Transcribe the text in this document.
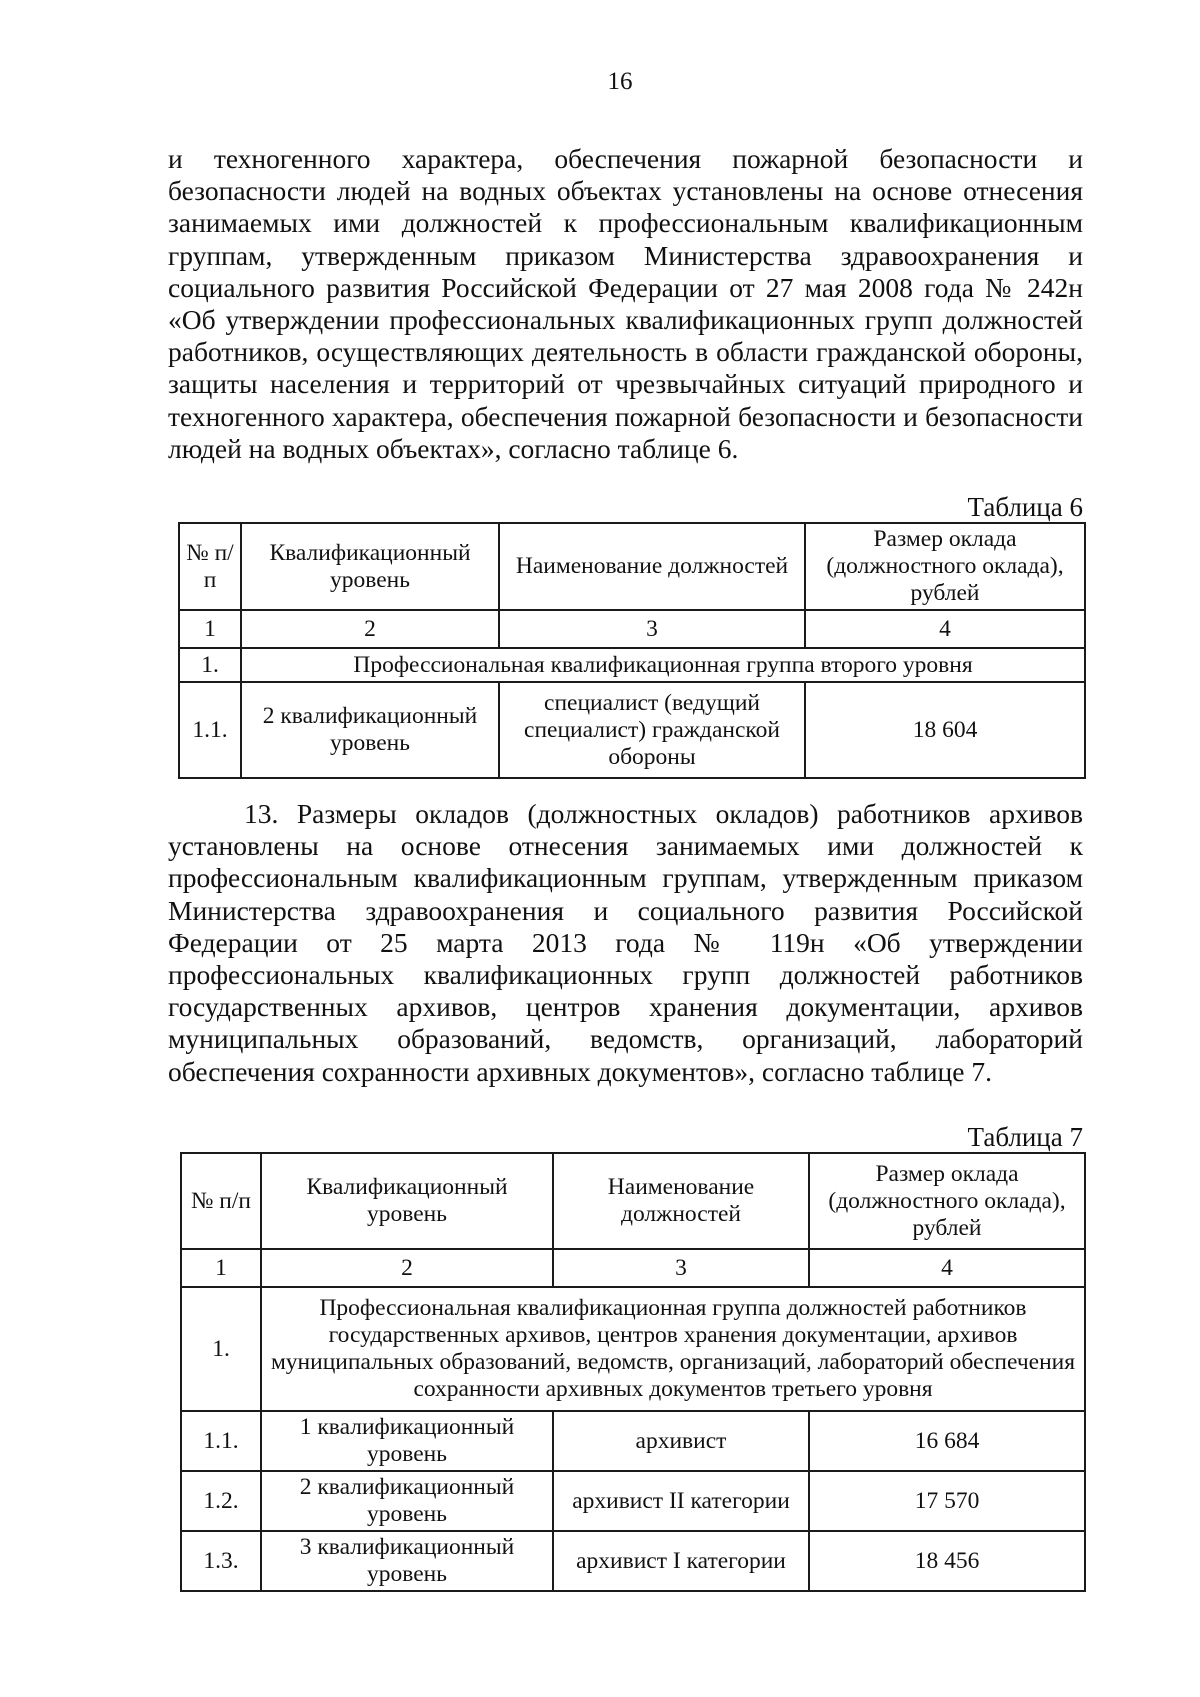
16

и техногенного характера, обеспечения пожарной безопасности и безопасности людей на водных объектах установлены на основе отнесения занимаемых ими должностей к профессиональным квалификационным группам, утвержденным приказом Министерства здравоохранения и социального развития Российской Федерации от 27 мая 2008 года № 242н «Об утверждении профессиональных квалификационных групп должностей работников, осуществляющих деятельность в области гражданской обороны, защиты населения и территорий от чрезвычайных ситуаций природного и техногенного характера, обеспечения пожарной безопасности и безопасности людей на водных объектах», согласно таблице 6.

Таблица 6

№ п/п	Квалификационный уровень	Наименование должностей	Размер оклада (должностного оклада), рублей
1	2	3	4
1.	Профессиональная квалификационная группа второго уровня		
1.1.	2 квалификационный уровень	специалист (ведущий специалист) гражданской обороны	18 604

13. Размеры окладов (должностных окладов) работников архивов установлены на основе отнесения занимаемых ими должностей к профессиональным квалификационным группам, утвержденным приказом Министерства здравоохранения и социального развития Российской Федерации от 25 марта 2013 года № 119н «Об утверждении профессиональных квалификационных групп должностей работников государственных архивов, центров хранения документации, архивов муниципальных образований, ведомств, организаций, лабораторий обеспечения сохранности архивных документов», согласно таблице 7.

Таблица 7

№ п/п	Квалификационный уровень	Наименование должностей	Размер оклада (должностного оклада), рублей
1	2	3	4
1.	Профессиональная квалификационная группа должностей работников государственных архивов, центров хранения документации, архивов муниципальных образований, ведомств, организаций, лабораторий обеспечения сохранности архивных документов третьего уровня		
1.1.	1 квалификационный уровень	архивист	16 684
1.2.	2 квалификационный уровень	архивист II категории	17 570
1.3.	3 квалификационный уровень	архивист I категории	18 456
